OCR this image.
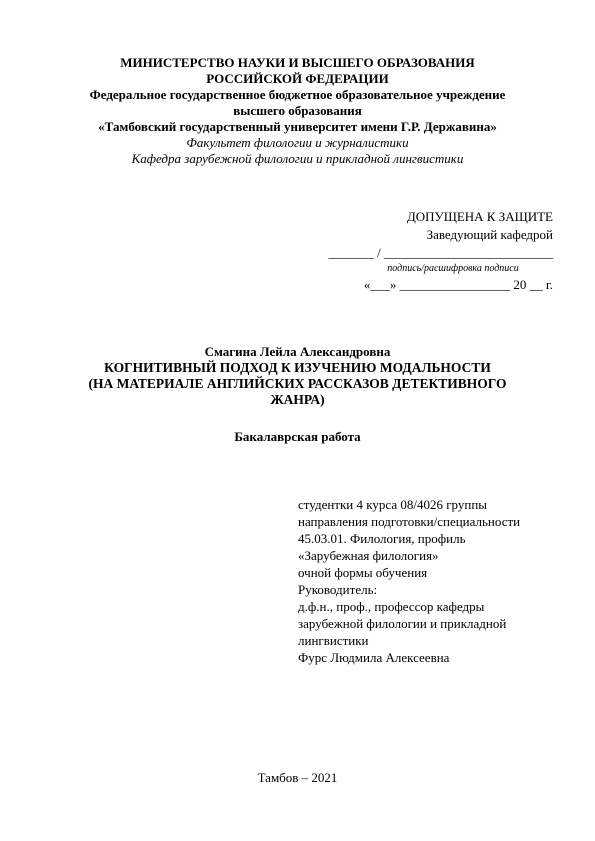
МИНИСТЕРСТВО НАУКИ И ВЫСШЕГО ОБРАЗОВАНИЯ
РОССИЙСКОЙ ФЕДЕРАЦИИ
Федеральное государственное бюджетное образовательное учреждение
высшего образования
«Тамбовский государственный университет имени Г.Р. Державина»
Факультет филологии и журналистики
Кафедра зарубежной филологии и прикладной лингвистики
ДОПУЩЕНА К ЗАЩИТЕ
Заведующий кафедрой
_______ / __________________________
подпись/расшифровка подписи
«___» _________________ 20 __ г.
Смагина Лейла Александровна
КОГНИТИВНЫЙ ПОДХОД К ИЗУЧЕНИЮ МОДАЛЬНОСТИ
(НА МАТЕРИАЛЕ АНГЛИЙСКИХ РАССКАЗОВ ДЕТЕКТИВНОГО
ЖАНРА)
Бакалаврская работа
студентки 4 курса 08/4026 группы
направления подготовки/специальности
45.03.01. Филология, профиль
«Зарубежная филология»
очной формы обучения
Руководитель:
д.ф.н., проф., профессор кафедры
зарубежной филологии и прикладной
лингвистики
Фурс Людмила Алексеевна
Тамбов – 2021
